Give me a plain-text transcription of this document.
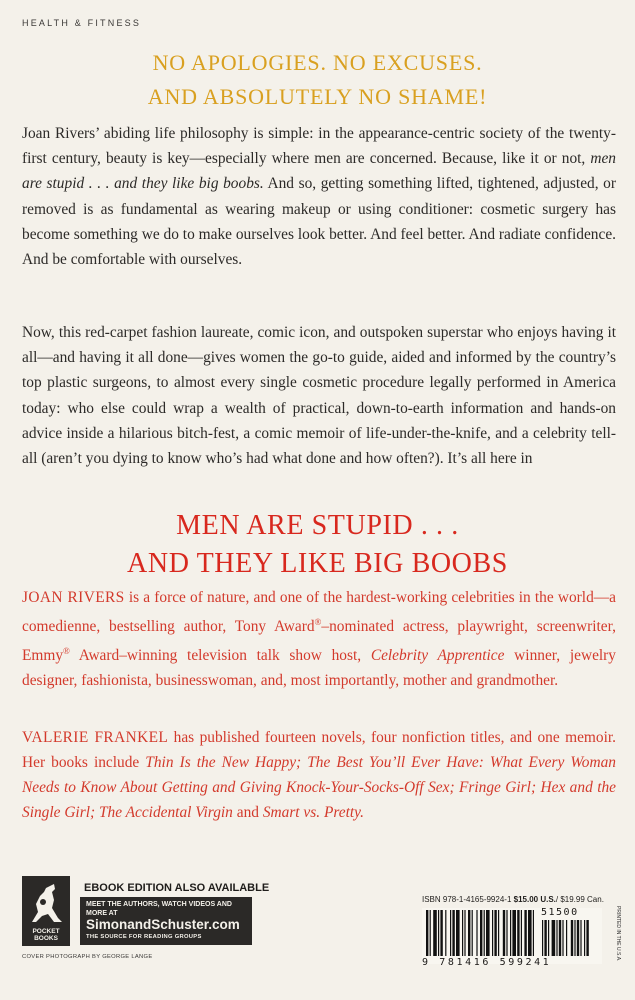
HEALTH & FITNESS
NO APOLOGIES. NO EXCUSES.
AND ABSOLUTELY NO SHAME!
Joan Rivers’ abiding life philosophy is simple: in the appearance-centric society of the twenty-first century, beauty is key—especially where men are concerned. Because, like it or not, men are stupid . . . and they like big boobs. And so, getting something lifted, tightened, adjusted, or removed is as fundamental as wearing makeup or using conditioner: cosmetic surgery has become something we do to make ourselves look better. And feel better. And radiate confidence. And be comfortable with ourselves.
Now, this red-carpet fashion laureate, comic icon, and outspoken superstar who enjoys having it all—and having it all done—gives women the go-to guide, aided and informed by the country’s top plastic surgeons, to almost every single cosmetic procedure legally performed in America today: who else could wrap a wealth of practical, down-to-earth information and hands-on advice inside a hilarious bitch-fest, a comic memoir of life-under-the-knife, and a celebrity tell-all (aren’t you dying to know who’s had what done and how often?). It’s all here in
MEN ARE STUPID . . .
AND THEY LIKE BIG BOOBS
JOAN RIVERS is a force of nature, and one of the hardest-working celebrities in the world—a comedienne, bestselling author, Tony Award®–nominated actress, playwright, screenwriter, Emmy® Award–winning television talk show host, Celebrity Apprentice winner, jewelry designer, fashionista, businesswoman, and, most importantly, mother and grandmother.
VALERIE FRANKEL has published fourteen novels, four nonfiction titles, and one memoir. Her books include Thin Is the New Happy; The Best You’ll Ever Have: What Every Woman Needs to Know About Getting and Giving Knock-Your-Socks-Off Sex; Fringe Girl; Hex and the Single Girl; The Accidental Virgin and Smart vs. Pretty.
POCKET BOOKS
EBOOK EDITION ALSO AVAILABLE
MEET THE AUTHORS, WATCH VIDEOS AND MORE AT
SimonandSchuster.com
THE SOURCE FOR READING GROUPS
COVER PHOTOGRAPH BY GEORGE LANGE
ISBN 978-1-4165-9924-1 $15.00 U.S./ $19.99 Can.
51500
9 781416 599241
PRINTED IN THE U.S.A.
